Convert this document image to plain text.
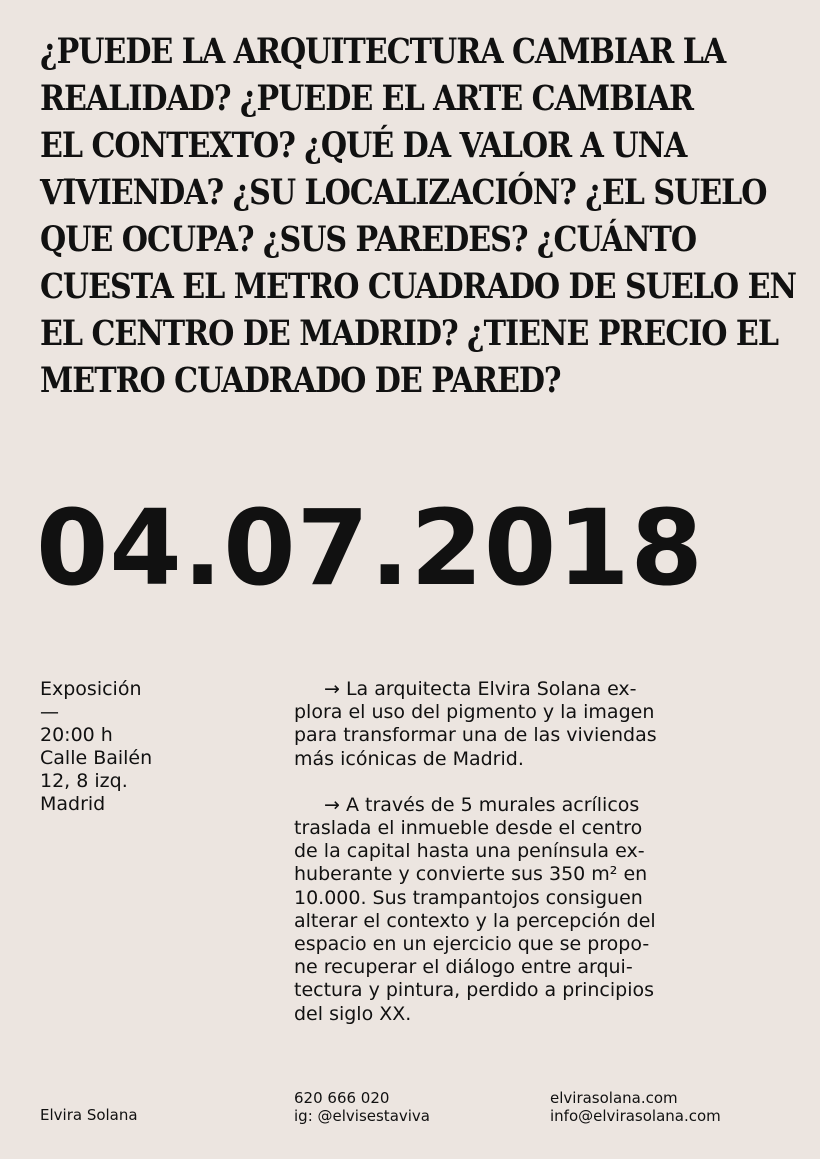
¿PUEDE LA ARQUITECTURA CAMBIAR LA
REALIDAD? ¿PUEDE EL ARTE CAMBIAR
EL CONTEXTO? ¿QUÉ DA VALOR A UNA
VIVIENDA? ¿SU LOCALIZACIÓN? ¿EL SUELO
QUE OCUPA? ¿SUS PAREDES? ¿CUÁNTO
CUESTA EL METRO CUADRADO DE SUELO EN
EL CENTRO DE MADRID? ¿TIENE PRECIO EL
METRO CUADRADO DE PARED?
04.07.2018
Exposición
—
20:00 h
Calle Bailén
12, 8 izq.
Madrid

→ La arquitecta Elvira Solana ex-
plora el uso del pigmento y la imagen
para transformar una de las viviendas
más icónicas de Madrid.

→ A través de 5 murales acrílicos
traslada el inmueble desde el centro
de la capital hasta una península ex-
huberante y convierte sus 350 m² en
10.000. Sus trampantojos consiguen
alterar el contexto y la percepción del
espacio en un ejercicio que se propo-
ne recuperar el diálogo entre arqui-
tectura y pintura, perdido a principios
del siglo XX.

Elvira Solana
620 666 020
ig: @elvisestaviva
elvirasolana.com
info@elvirasolana.com
